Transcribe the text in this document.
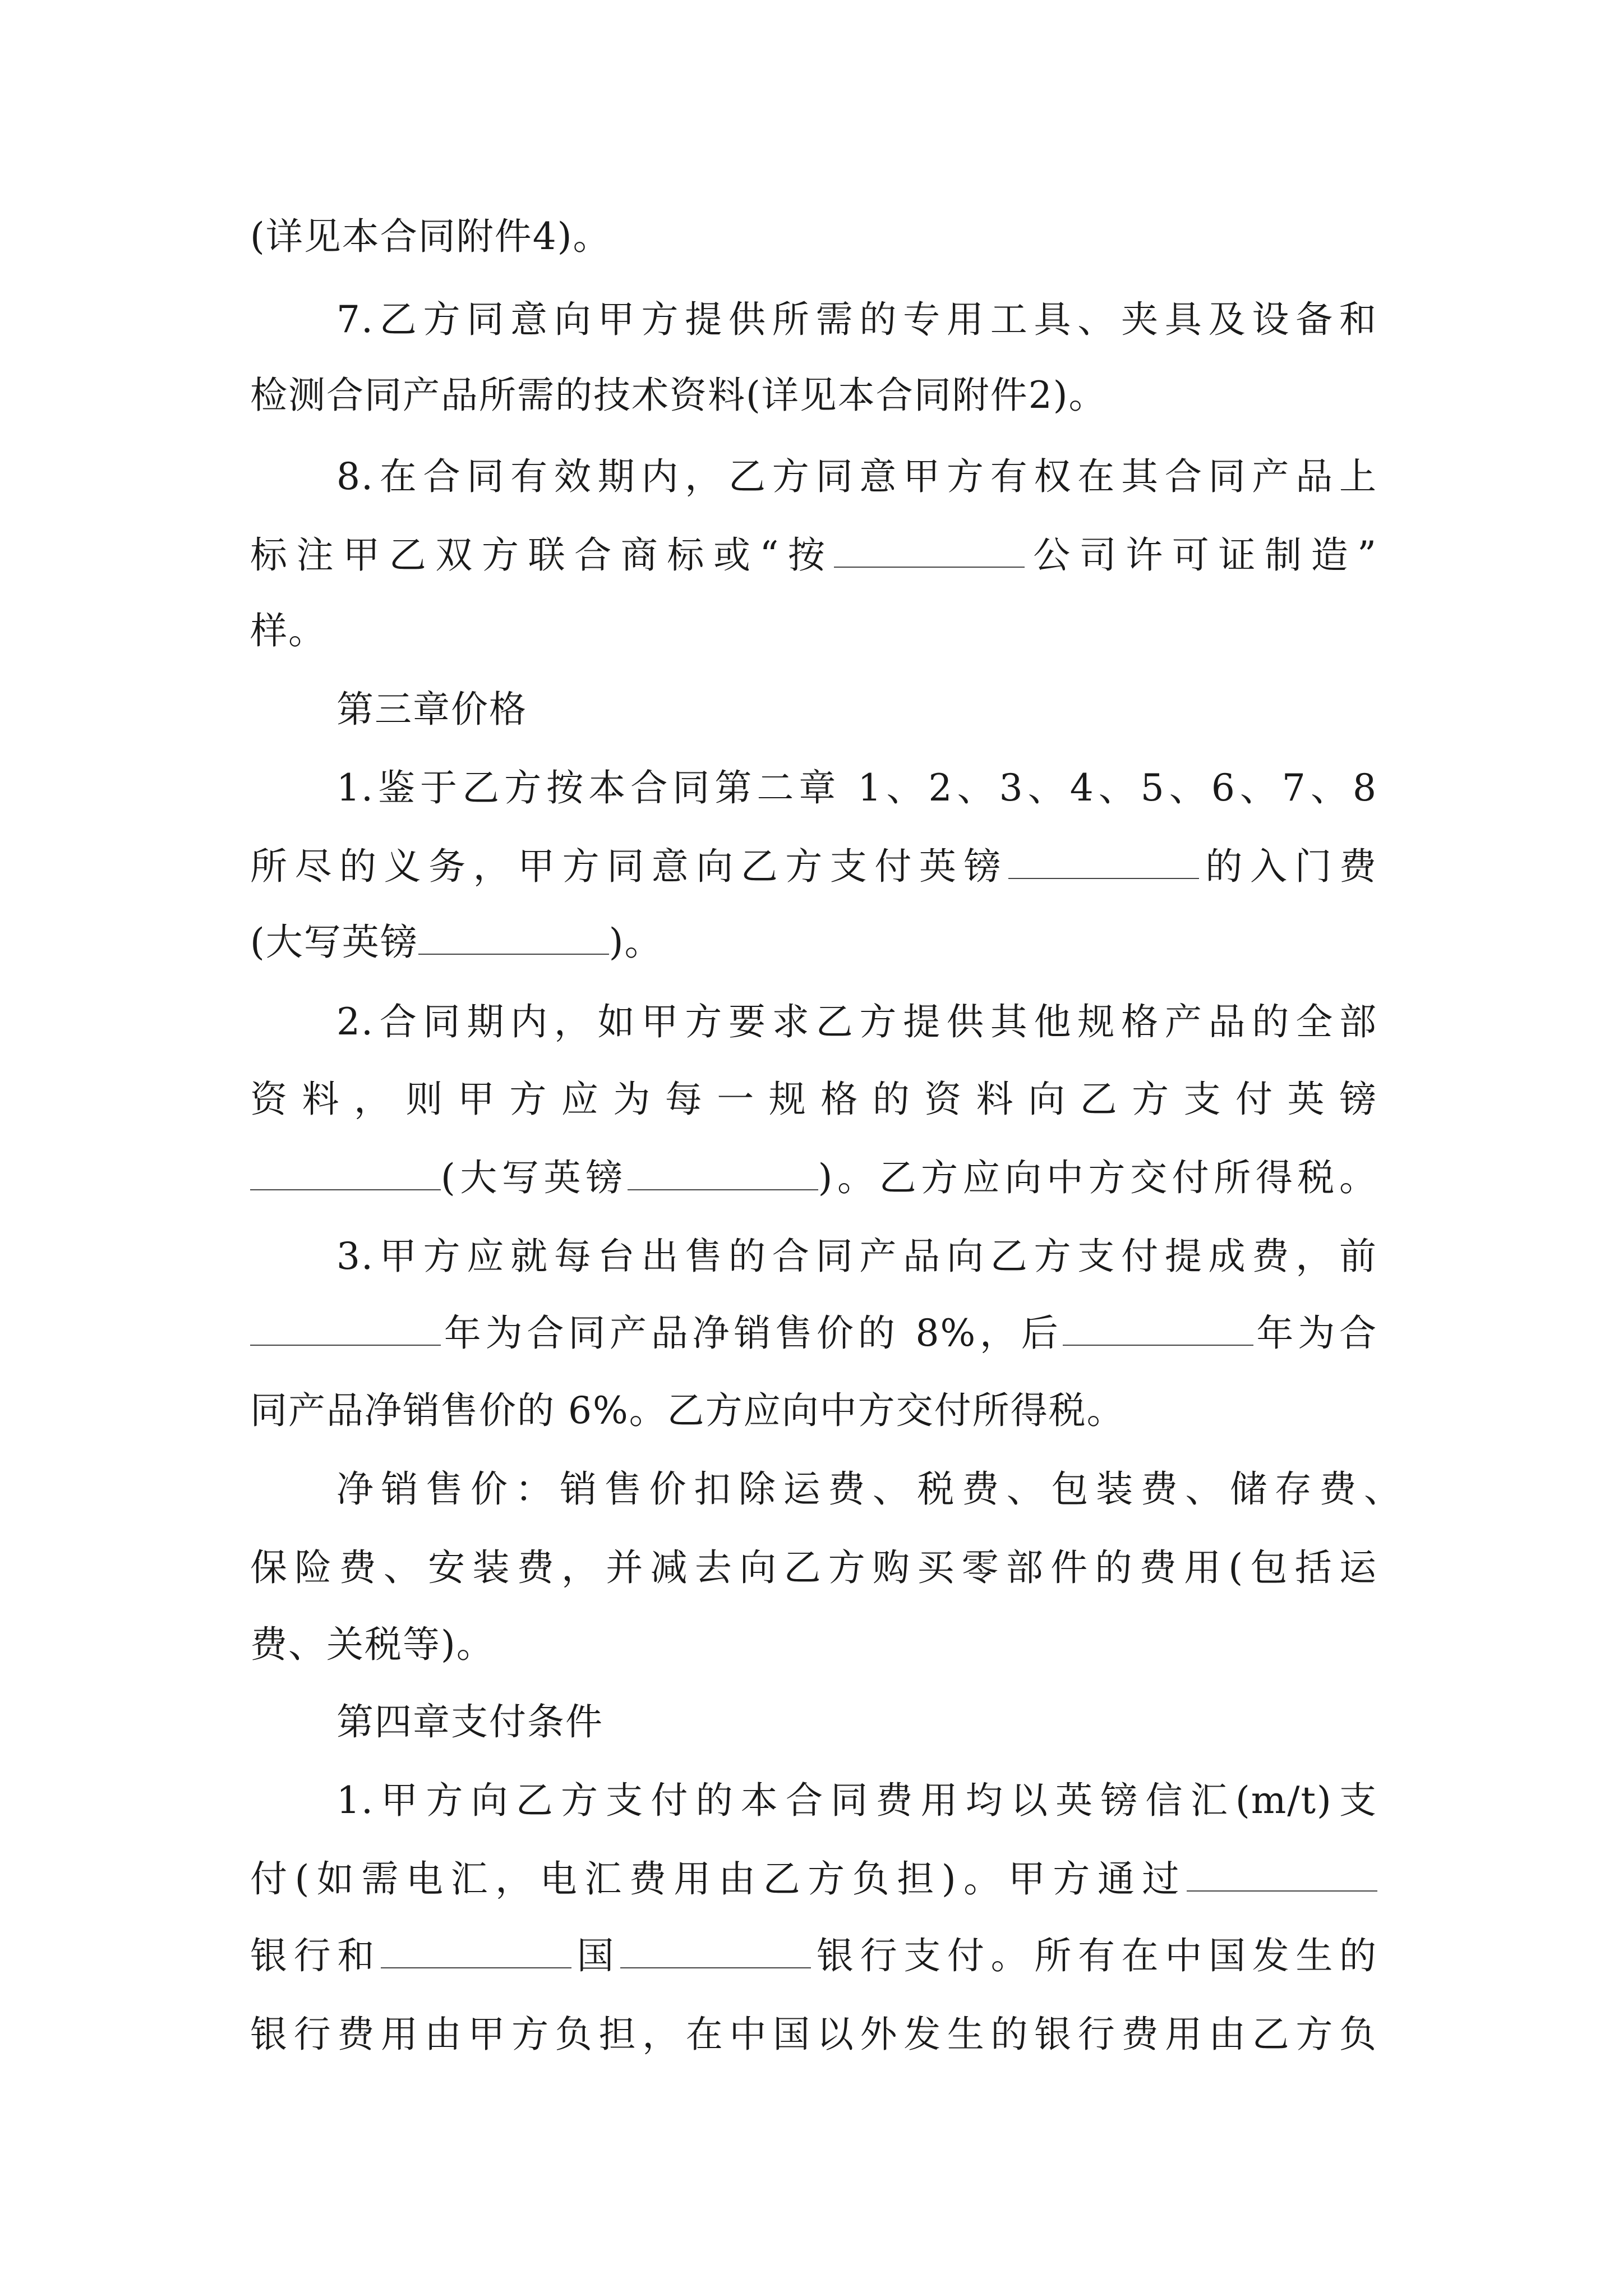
(详见本合同附件4)。
7.乙方同意向甲方提供所需的专用工具、夹具及设备和
检测合同产品所需的技术资料(详见本合同附件2)。
8.在合同有效期内，乙方同意甲方有权在其合同产品上
标注甲乙双方联合商标或“按	公司许可证制造”
样。
第三章价格
1.鉴于乙方按本合同第二章 1、2、3、4、5、6、7、8
所尽的义务，甲方同意向乙方支付英镑	的入门费
(大写英镑	)。
2.合同期内，如甲方要求乙方提供其他规格产品的全部
资料，则甲方应为每一规格的资料向乙方支付英镑
(大写英镑	)。乙方应向中方交付所得税。
3.甲方应就每台出售的合同产品向乙方支付提成费，前
年为合同产品净销售价的 8%，后	年为合
同产品净销售价的 6%。乙方应向中方交付所得税。
净销售价：销售价扣除运费、税费、包装费、储存费、
保险费、安装费，并减去向乙方购买零部件的费用(包括运
费、关税等)。
第四章支付条件
1.甲方向乙方支付的本合同费用均以英镑信汇(m/t)支
付(如需电汇，电汇费用由乙方负担)。甲方通过
银行和	国	银行支付。所有在中国发生的
银行费用由甲方负担，在中国以外发生的银行费用由乙方负
